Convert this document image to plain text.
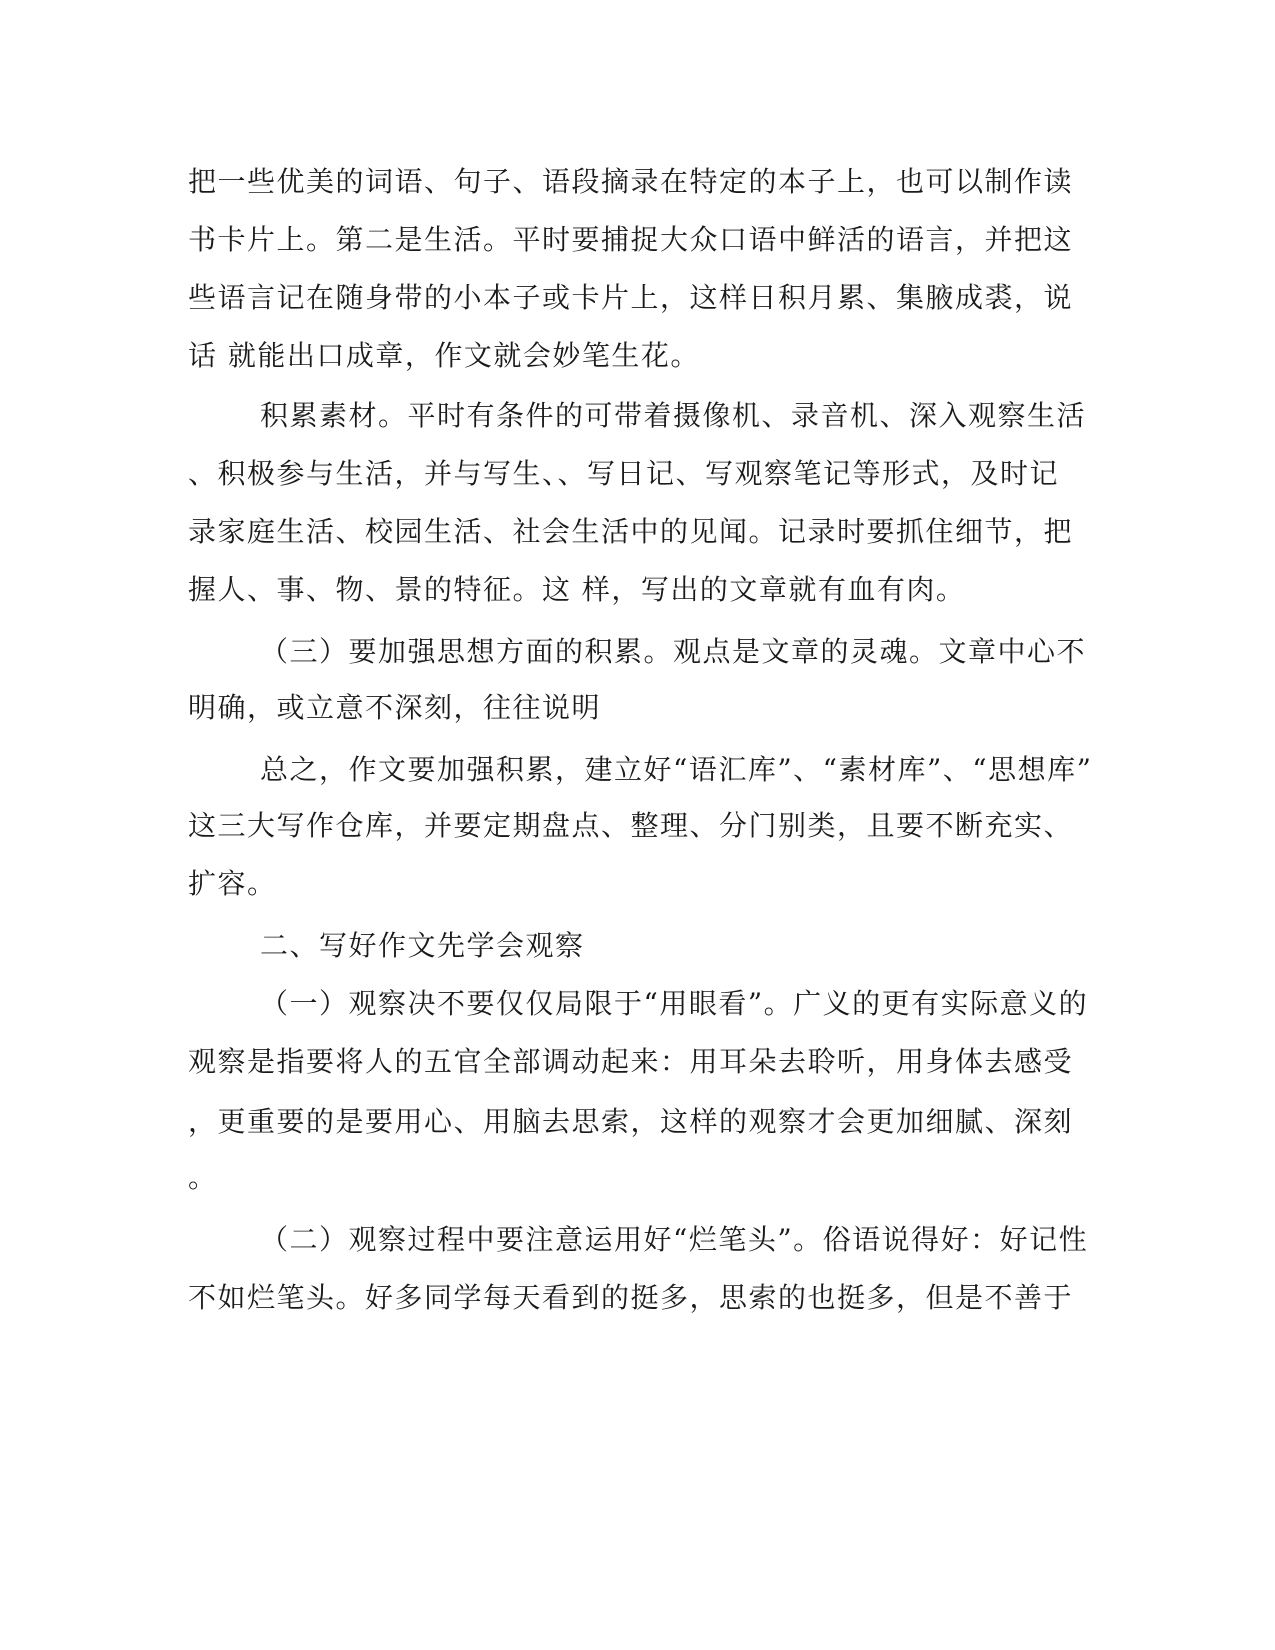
把一些优美的词语、句子、语段摘录在特定的本子上，也可以制作读
书卡片上。第二是生活。平时要捕捉大众口语中鲜活的语言，并把这
些语言记在随身带的小本子或卡片上，这样日积月累、集腋成裘，说
话 就能出口成章，作文就会妙笔生花。
积累素材。平时有条件的可带着摄像机、录音机、深入观察生活
、积极参与生活，并与写生、、写日记、写观察笔记等形式，及时记
录家庭生活、校园生活、社会生活中的见闻。记录时要抓住细节，把
握人、事、物、景的特征。这 样，写出的文章就有血有肉。
（三）要加强思想方面的积累。观点是文章的灵魂。文章中心不
明确，或立意不深刻，往往说明
总之，作文要加强积累，建立好“语汇库”、“素材库”、“思想库”
这三大写作仓库，并要定期盘点、整理、分门别类，且要不断充实、
扩容。
二、写好作文先学会观察
（一）观察决不要仅仅局限于“用眼看”。广义的更有实际意义的
观察是指要将人的五官全部调动起来：用耳朵去聆听，用身体去感受
，更重要的是要用心、用脑去思索，这样的观察才会更加细腻、深刻
。
（二）观察过程中要注意运用好“烂笔头”。俗语说得好：好记性
不如烂笔头。好多同学每天看到的挺多，思索的也挺多，但是不善于
